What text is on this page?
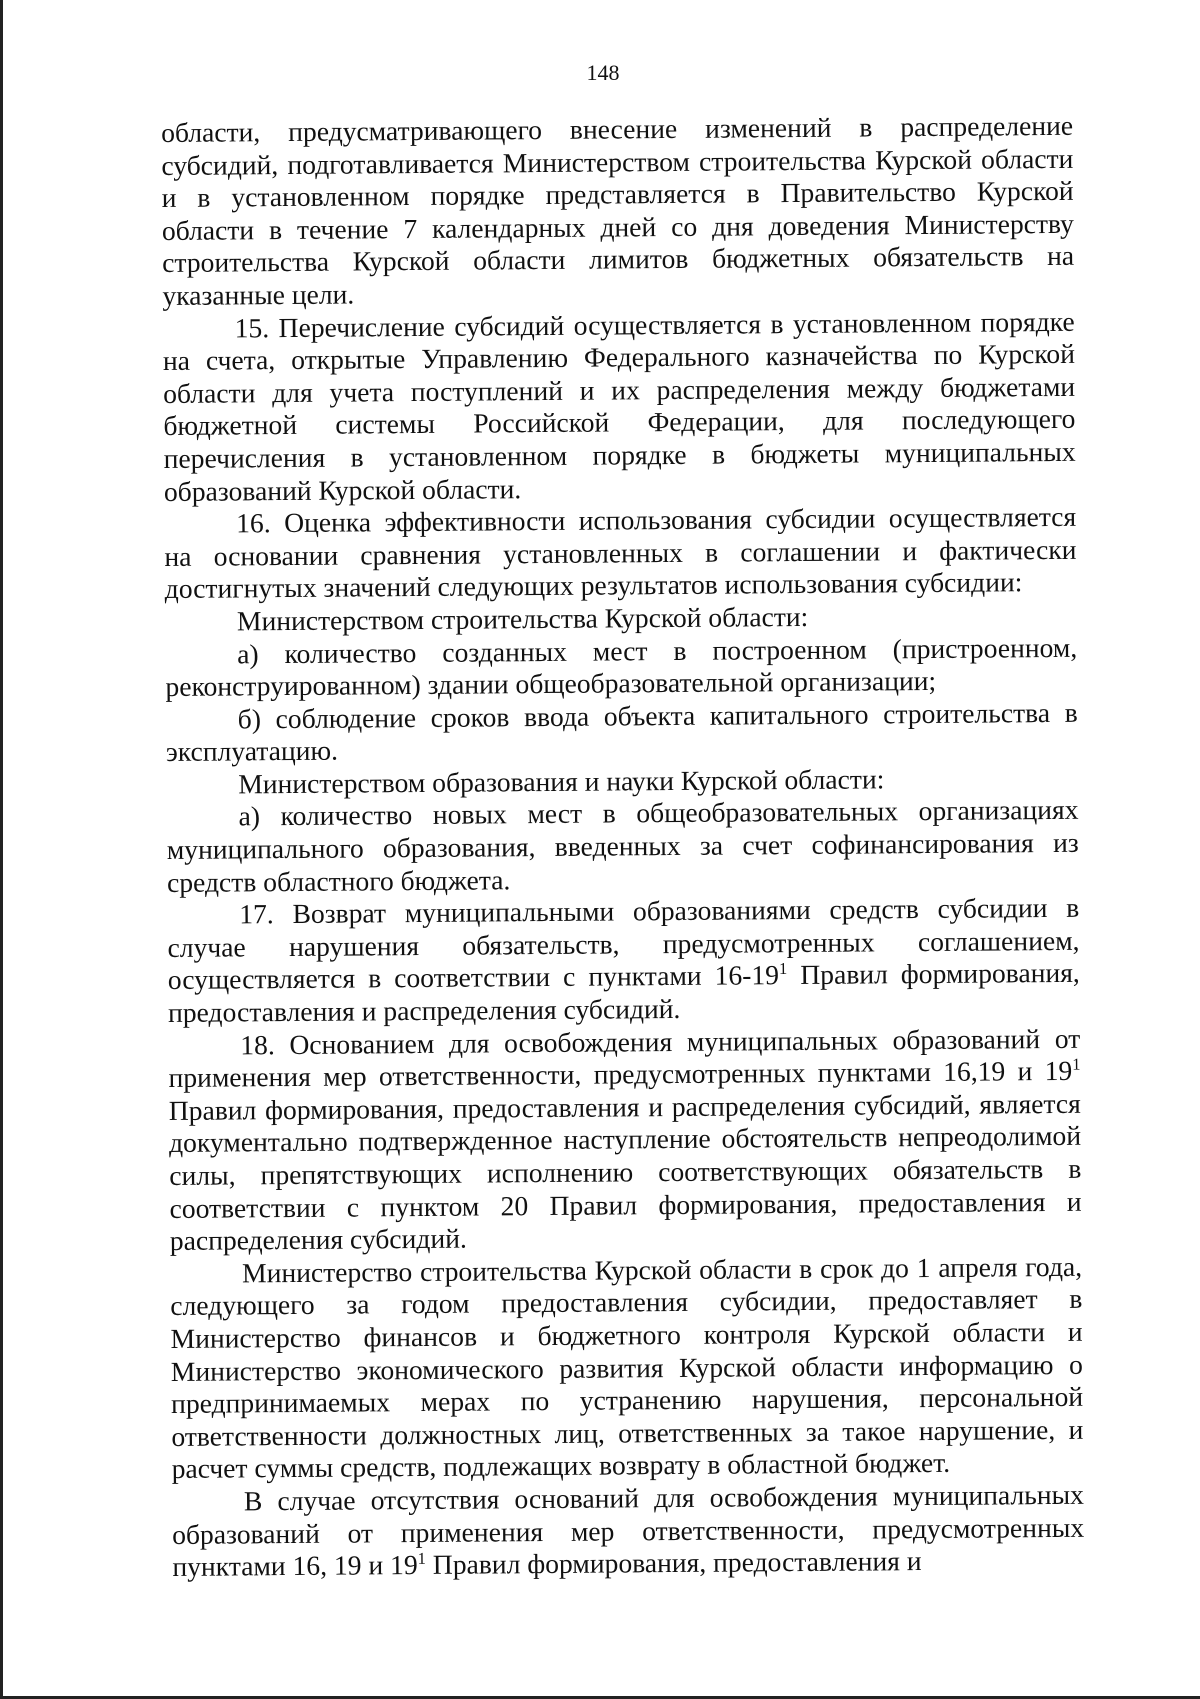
148

области, предусматривающего внесение изменений в распределение субсидий, подготавливается Министерством строительства Курской области и в установленном порядке представляется в Правительство Курской области в течение 7 календарных дней со дня доведения Министерству строительства Курской области лимитов бюджетных обязательств на указанные цели.

15. Перечисление субсидий осуществляется в установленном порядке на счета, открытые Управлению Федерального казначейства по Курской области для учета поступлений и их распределения между бюджетами бюджетной системы Российской Федерации, для последующего перечисления в установленном порядке в бюджеты муниципальных образований Курской области.

16. Оценка эффективности использования субсидии осуществляется на основании сравнения установленных в соглашении и фактически достигнутых значений следующих результатов использования субсидии:

Министерством строительства Курской области:

а) количество созданных мест в построенном (пристроенном, реконструированном) здании общеобразовательной организации;

б) соблюдение сроков ввода объекта капитального строительства в эксплуатацию.

Министерством образования и науки Курской области:

а) количество новых мест в общеобразовательных организациях муниципального образования, введенных за счет софинансирования из средств областного бюджета.

17. Возврат муниципальными образованиями средств субсидии в случае нарушения обязательств, предусмотренных соглашением, осуществляется в соответствии с пунктами $16-19^1$ Правил формирования, предоставления и распределения субсидий.

18. Основанием для освобождения муниципальных образований от применения мер ответственности, предусмотренных пунктами 16,19 и $19^1$ Правил формирования, предоставления и распределения субсидий, является документально подтвержденное наступление обстоятельств непреодолимой силы, препятствующих исполнению соответствующих обязательств в соответствии с пунктом 20 Правил формирования, предоставления и распределения субсидий.

Министерство строительства Курской области в срок до 1 апреля года, следующего за годом предоставления субсидии, предоставляет в Министерство финансов и бюджетного контроля Курской области и Министерство экономического развития Курской области информацию о предпринимаемых мерах по устранению нарушения, персональной ответственности должностных лиц, ответственных за такое нарушение, и расчет суммы средств, подлежащих возврату в областной бюджет.

В случае отсутствия оснований для освобождения муниципальных образований от применения мер ответственности, предусмотренных пунктами 16, 19 и $19^1$ Правил формирования, предоставления и
